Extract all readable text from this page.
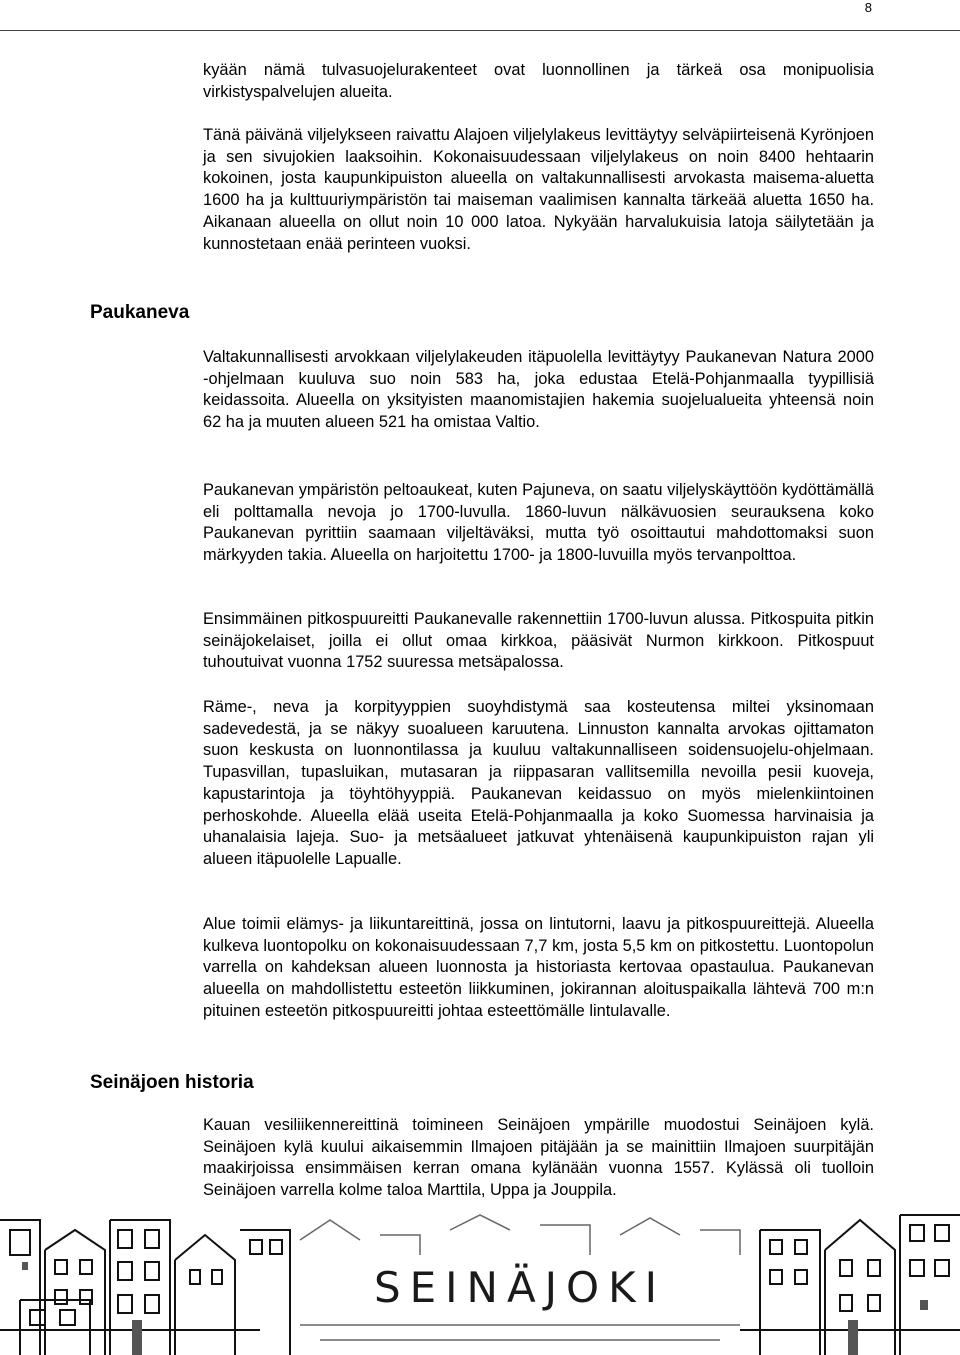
8
Paukaneva
Seinäjoen historia

kyään nämä tulvasuojelurakenteet ovat luonnollinen ja tärkeä osa monipuolisia virkistyspalvelujen alueita.

Tänä päivänä viljelykseen raivattu Alajoen viljelylakeus levittäytyy selväpiirteisenä Kyrönjoen ja sen sivujokien laaksoihin. Kokonaisuudessaan viljelylakeus on noin 8400 hehtaarin kokoinen, josta kaupunkipuiston alueella on valtakunnallisesti arvokasta maisema-aluetta 1600 ha ja kulttuuriympäristön tai maiseman vaalimisen kannalta tärkeää aluetta 1650 ha. Aikanaan alueella on ollut noin 10 000 latoa. Nykyään harvalukuisia latoja säilytetään ja kunnostetaan enää perinteen vuoksi.

Valtakunnallisesti arvokkaan viljelylakeuden itäpuolella levittäytyy Paukanevan Natura 2000 -ohjelmaan kuuluva suo noin 583 ha, joka edustaa Etelä-Pohjanmaalla tyypillisiä keidassoita. Alueella on yksityisten maanomistajien hakemia suojelualueita yhteensä noin 62 ha ja muuten alueen 521 ha omistaa Valtio.

Paukanevan ympäristön peltoaukeat, kuten Pajuneva, on saatu viljelyskäyttöön kydöttämällä eli polttamalla nevoja jo 1700-luvulla. 1860-luvun nälkävuosien seurauksena koko Paukanevan pyrittiin saamaan viljeltäväksi, mutta työ osoittautui mahdottomaksi suon märkyyden takia. Alueella on harjoitettu 1700- ja 1800-luvuilla myös tervanpolttoa.

Ensimmäinen pitkospuureitti Paukanevalle rakennettiin 1700-luvun alussa. Pitkospuita pitkin seinäjokelaiset, joilla ei ollut omaa kirkkoa, pääsivät Nurmon kirkkoon. Pitkospuut tuhoutuivat vuonna 1752 suuressa metsäpalossa.

Räme-, neva ja korpityyppien suoyhdistymä saa kosteutensa miltei yksinomaan sadevedestä, ja se näkyy suoalueen karuutena. Linnuston kannalta arvokas ojittamaton suon keskusta on luonnontilassa ja kuuluu valtakunnalliseen soidensuojelu-ohjelmaan. Tupasvillan, tupasluikan, mutasaran ja riippasaran vallitsemilla nevoilla pesii kuoveja, kapustarintoja ja töyhtöhyyppiä. Paukanevan keidassuo on myös mielenkiintoinen perhoskohde. Alueella elää useita Etelä-Pohjanmaalla ja koko Suomessa harvinaisia ja uhanalaisia lajeja. Suo- ja metsäalueet jatkuvat yhtenäisenä kaupunkipuiston rajan yli alueen itäpuolelle Lapualle.

Alue toimii elämys- ja liikuntareittinä, jossa on lintutorni, laavu ja pitkospuureittejä. Alueella kulkeva luontopolku on kokonaisuudessaan 7,7 km, josta 5,5 km on pitkostettu. Luontopolun varrella on kahdeksan alueen luonnosta ja historiasta kertovaa opastaulua. Paukanevan alueella on mahdollistettu esteetön liikkuminen, jokirannan aloituspaikalla lähtevä 700 m:n pituinen esteetön pitkospuureitti johtaa esteettömälle lintulavalle.

Kauan vesiliikennereittinä toimineen Seinäjoen ympärille muodostui Seinäjoen kylä. Seinäjoen kylä kuului aikaisemmin Ilmajoen pitäjään ja se mainittiin Ilmajoen suurpitäjän maakirjoissa ensimmäisen kerran omana kylänään vuonna 1557. Kylässä oli tuolloin Seinäjoen varrella kolme taloa Marttila, Uppa ja Jouppila.

SEINÄJOKI
